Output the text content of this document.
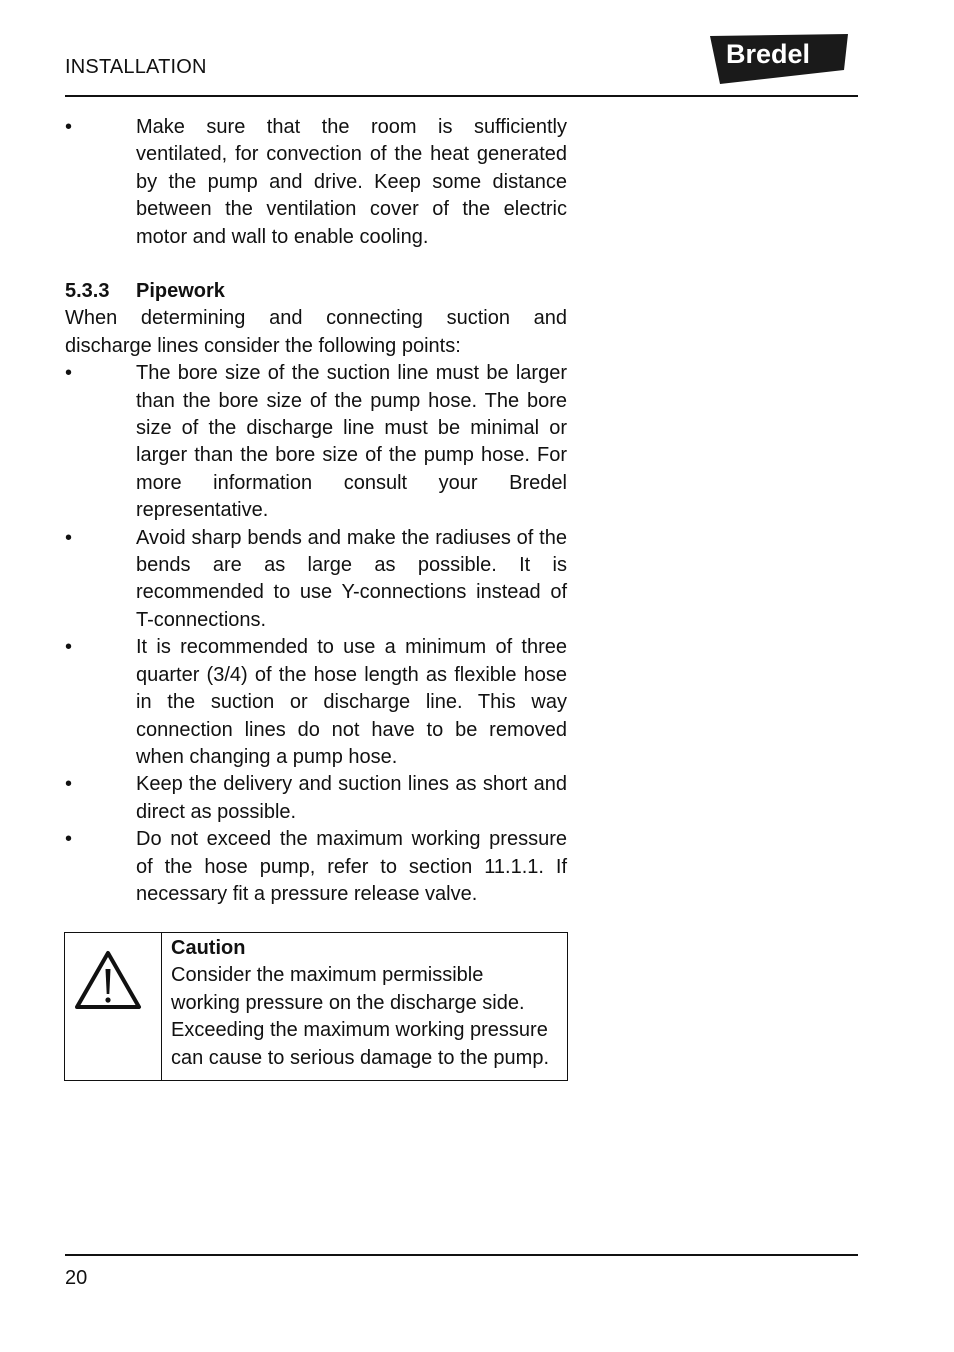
INSTALLATION	Bredel
•	Make sure that the room is sufficiently ventilated, for convection of the heat generated by the pump and drive. Keep some distance between the ventilation cover of the electric motor and wall to enable cooling.
5.3.3 Pipework
When determining and connecting suction and discharge lines consider the following points:
•	The bore size of the suction line must be larger than the bore size of the pump hose. The bore size of the discharge line must be minimal or larger than the bore size of the pump hose. For more information consult your Bredel representative.
•	Avoid sharp bends and make the radiuses of the bends are as large as possible. It is recommended to use Y-connections instead of T-connections.
•	It is recommended to use a minimum of three quarter (3/4) of the hose length as flexible hose in the suction or discharge line. This way connection lines do not have to be removed when changing a pump hose.
•	Keep the delivery and suction lines as short and direct as possible.
•	Do not exceed the maximum working pressure of the hose pump, refer to section 11.1.1. If necessary fit a pressure release valve.
Caution
Consider the maximum permissible
working pressure on the discharge side.
Exceeding the maximum working pressure
can cause to serious damage to the pump.
20
